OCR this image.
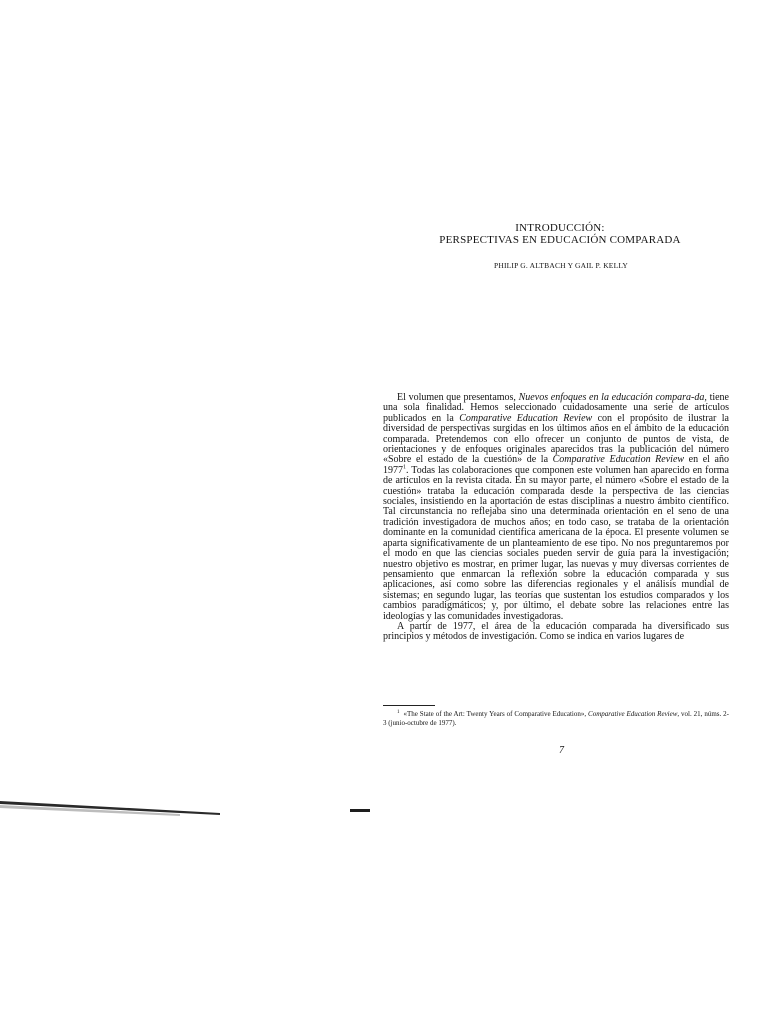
INTRODUCCIÓN:
PERSPECTIVAS EN EDUCACIÓN COMPARADA
PHILIP G. ALTBACH Y GAIL P. KELLY

El volumen que presentamos, Nuevos enfoques en la educación compara-da, tiene una sola finalidad. Hemos seleccionado cuidadosamente una serie de artículos publicados en la Comparative Education Review con el propósito de ilustrar la diversidad de perspectivas surgidas en los últimos años en el ámbito de la educación comparada. Pretendemos con ello ofrecer un conjunto de puntos de vista, de orientaciones y de enfoques originales aparecidos tras la publicación del número «Sobre el estado de la cuestión» de la Comparative Education Review en el año 1977$^1$. Todas las colaboraciones que componen este volumen han aparecido en forma de artículos en la revista citada. En su mayor parte, el número «Sobre el estado de la cuestión» trataba la educación comparada desde la perspectiva de las ciencias sociales, insistiendo en la aportación de estas disciplinas a nuestro ámbito científico. Tal circunstancia no reflejaba sino una determinada orientación en el seno de una tradición investigadora de muchos años; en todo caso, se trataba de la orientación dominante en la comunidad científica americana de la época. El presente volumen se aparta significativamente de un planteamiento de ese tipo. No nos preguntaremos por el modo en que las ciencias sociales pueden servir de guía para la investigación; nuestro objetivo es mostrar, en primer lugar, las nuevas y muy diversas corrientes de pensamiento que enmarcan la reflexión sobre la educación comparada y sus aplicaciones, así como sobre las diferencias regionales y el análisis mundial de sistemas; en segundo lugar, las teorías que sustentan los estudios comparados y los cambios paradigmáticos; y, por último, el debate sobre las relaciones entre las ideologías y las comunidades investigadoras.

A partir de 1977, el área de la educación comparada ha diversificado sus principios y métodos de investigación. Como se indica en varios lugares de

$^1$ «The State of the Art: Twenty Years of Comparative Education», Comparative Education Review, vol. 21, núms. 2-3 (junio-octubre de 1977).
7
